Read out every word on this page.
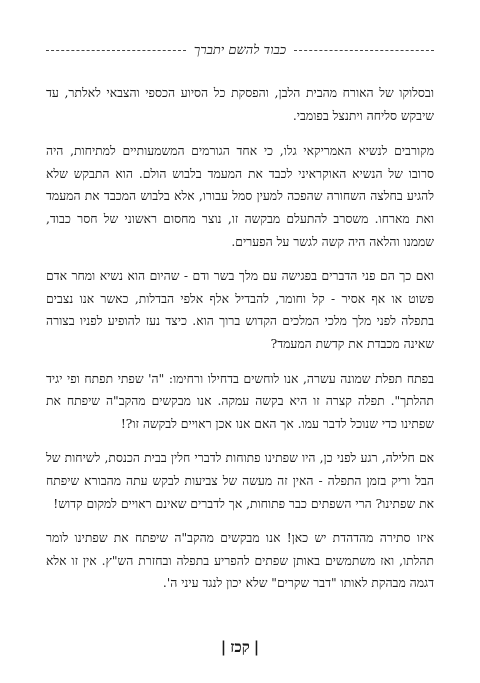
כבוד להשם יתברך

ובסלוקו של האורח מהבית הלבן, והפסקת כל הסיוע הכספי והצבאי לאלתר, עד שיבקש סליחה ויתנצל בפומבי.

מקורבים לנשיא האמריקאי גלו, כי אחד הגורמים המשמעותיים למתיחות, היה סרובו של הנשיא האוקראיני לכבד את המעמד בלבוש הולם. הוא התבקש שלא להגיע בחלצה השחורה שהפכה למעין סמל עבורו, אלא בלבוש המכבד את המעמד ואת מארחו. משסרב להתעלם מבקשה זו, נוצר מחסום ראשוני של חסר כבוד, שממנו והלאה היה קשה לגשר על הפערים.

ואם כך הם פני הדברים בפגישה עם מלך בשר ודם - שהיום הוא נשיא ומחר אדם פשוט או אף אסיר - קל וחומר, להבדיל אלף אלפי הבדלות, כאשר אנו נצבים בתפלה לפני מלך מלכי המלכים הקדוש ברוך הוא. כיצד נעז להופיע לפניו בצורה שאינה מכבדת את קדשת המעמד?

בפתח תפלת שמונה עשרה, אנו לוחשים בדחילו ורחימו: "ה' שפתי תפתח ופי יגיד תהלתך". תפלה קצרה זו היא בקשה עמקה. אנו מבקשים מהקב"ה שיפתח את שפתינו כדי שנוכל לדבר עמו. אך האם אנו אכן ראויים לבקשה זו?!

אם חלילה, רגע לפני כן, היו שפתינו פתוחות לדברי חלין בבית הכנסת, לשיחות של הבל וריק בזמן התפלה - האין זה מעשה של צביעות לבקש עתה מהבורא שיפתח את שפתינו? הרי השפתים כבר פתוחות, אך לדברים שאינם ראויים למקום קדוש!

איזו סתירה מהדהדת יש כאן! אנו מבקשים מהקב"ה שיפתח את שפתינו לומר תהלתו, ואז משתמשים באותן שפתים להפריע בתפלה ובחזרת הש"ץ. אין זו אלא דגמה מבהקת לאותו "דבר שקרים" שלא יכון לנגד עיני ה'.

|קכז|
